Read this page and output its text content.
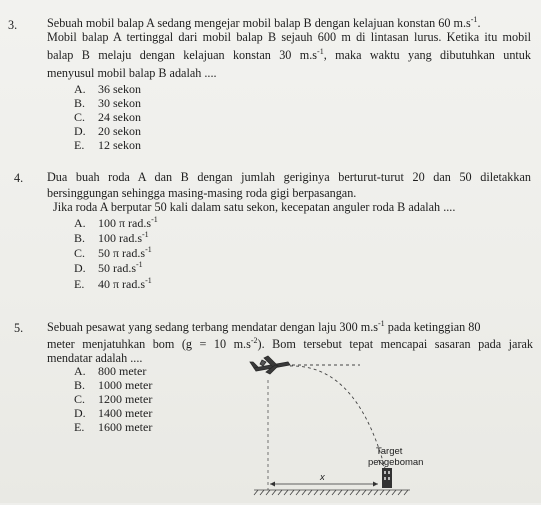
3. Sebuah mobil balap A sedang mengejar mobil balap B dengan kelajuan konstan 60 $m.s^{-1}$.
Mobil balap A tertinggal dari mobil balap B sejauh 600 m di lintasan lurus. Ketika itu mobil
balap B melaju dengan kelajuan konstan 30 $m.s^{-1}$, maka waktu yang dibutuhkan untuk
menyusul mobil balap B adalah ....
A. 36 sekon
B. 30 sekon
C. 24 sekon
D. 20 sekon
E. 12 sekon
4. Dua buah roda A dan B dengan jumlah geriginya berturut-turut 20 dan 50 diletakkan
bersinggungan sehingga masing-masing roda gigi berpasangan.
Jika roda A berputar 50 kali dalam satu sekon, kecepatan anguler roda B adalah ....
A. 100 π $rad.s^{-1}$
B. 100 $rad.s^{-1}$
C. 50 π $rad.s^{-1}$
D. 50 $rad.s^{-1}$
E. 40 π $rad.s^{-1}$
5. Sebuah pesawat yang sedang terbang mendatar dengan laju 300 $m.s^{-1}$ pada ketinggian 80
meter menjatuhkan bom (g = 10 $m.s^{-2}$). Bom tersebut tepat mencapai sasaran pada jarak
mendatar adalah ....
A. 800 meter
B. 1000 meter
C. 1200 meter
D. 1400 meter
E. 1600 meter
Target
pengeboman
x
